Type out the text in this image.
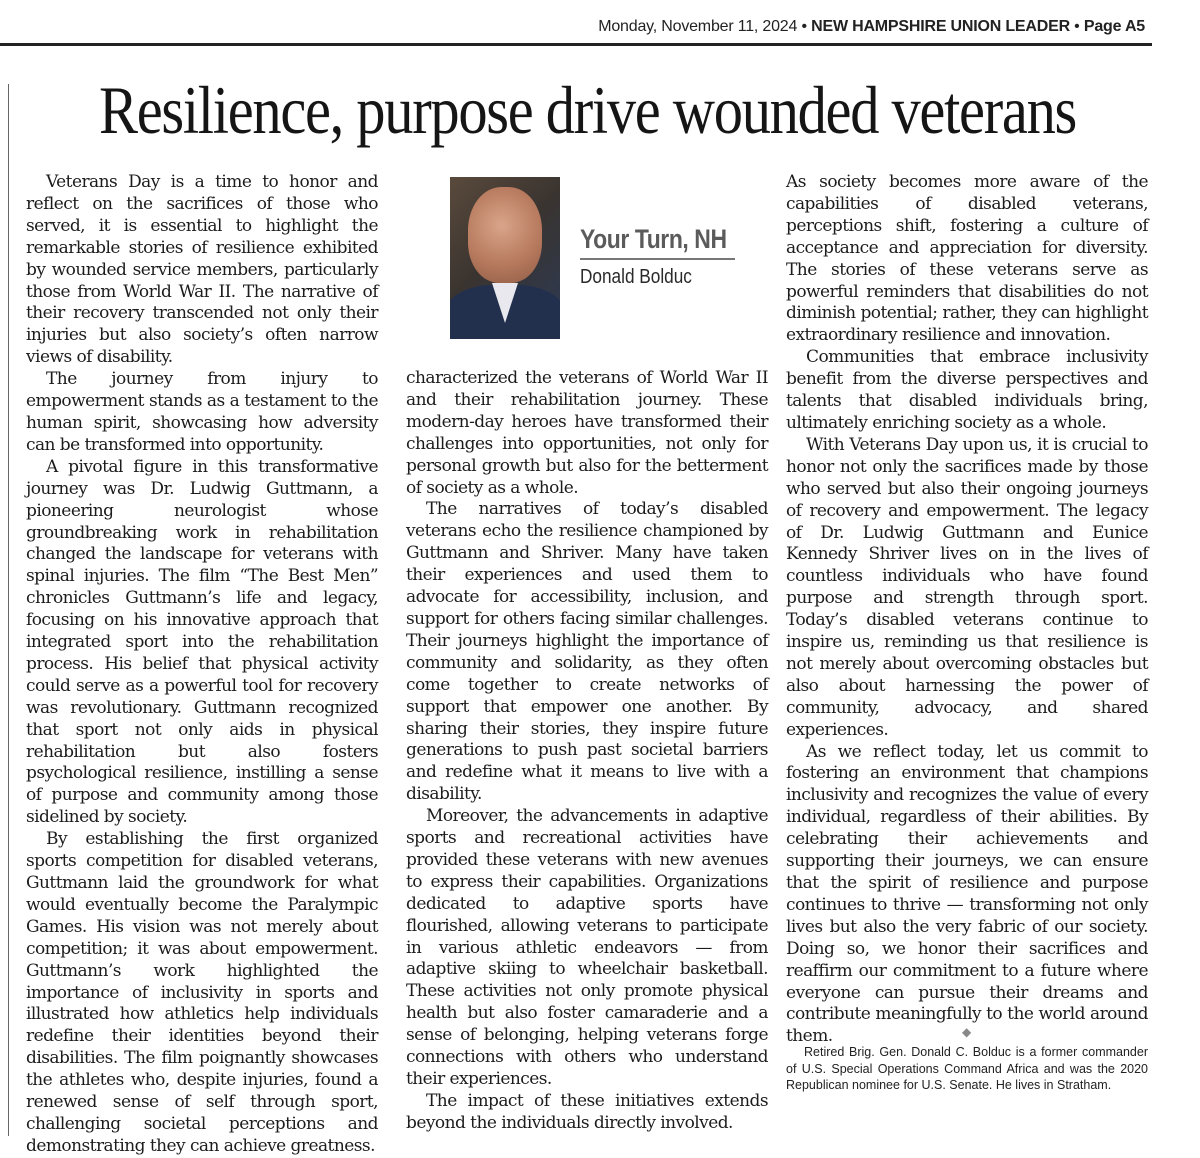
Monday, November 11, 2024 • NEW HAMPSHIRE UNION LEADER • Page A5
Resilience, purpose drive wounded veterans

Veterans Day is a time to honor and reflect on the sacrifices of those who served, it is essential to highlight the remarkable stories of resilience exhibited by wounded service members, particularly those from World War II. The narrative of their recovery transcended not only their injuries but also society’s often narrow views of disability.

The journey from injury to empowerment stands as a testament to the human spirit, showcasing how adversity can be transformed into opportunity.

A pivotal figure in this transformative journey was Dr. Ludwig Guttmann, a pioneering neurologist whose groundbreaking work in rehabilitation changed the landscape for veterans with spinal injuries. The film “The Best Men” chronicles Guttmann’s life and legacy, focusing on his innovative approach that integrated sport into the rehabilitation process. His belief that physical activity could serve as a powerful tool for recovery was revolutionary. Guttmann recognized that sport not only aids in physical rehabilitation but also fosters psychological resilience, instilling a sense of purpose and community among those sidelined by society.

By establishing the first organized sports competition for disabled veterans, Guttmann laid the groundwork for what would eventually become the Paralympic Games. His vision was not merely about competition; it was about empowerment. Guttmann’s work highlighted the importance of inclusivity in sports and illustrated how athletics help individuals redefine their identities beyond their disabilities. The film poignantly showcases the athletes who, despite injuries, found a renewed sense of self through sport, challenging societal perceptions and demonstrating they can achieve greatness.

Your Turn, NH
Donald Bolduc

characterized the veterans of World War II and their rehabilitation journey. These modern-day heroes have transformed their challenges into opportunities, not only for personal growth but also for the betterment of society as a whole.

The narratives of today’s disabled veterans echo the resilience championed by Guttmann and Shriver. Many have taken their experiences and used them to advocate for accessibility, inclusion, and support for others facing similar challenges. Their journeys highlight the importance of community and solidarity, as they often come together to create networks of support that empower one another. By sharing their stories, they inspire future generations to push past societal barriers and redefine what it means to live with a disability.

Moreover, the advancements in adaptive sports and recreational activities have provided these veterans with new avenues to express their capabilities. Organizations dedicated to adaptive sports have flourished, allowing veterans to participate in various athletic endeavors — from adaptive skiing to wheelchair basketball. These activities not only promote physical health but also foster camaraderie and a sense of belonging, helping veterans forge connections with others who understand their experiences.

The impact of these initiatives extends beyond the individuals directly involved.

As society becomes more aware of the capabilities of disabled veterans, perceptions shift, fostering a culture of acceptance and appreciation for diversity. The stories of these veterans serve as powerful reminders that disabilities do not diminish potential; rather, they can highlight extraordinary resilience and innovation.

Communities that embrace inclusivity benefit from the diverse perspectives and talents that disabled individuals bring, ultimately enriching society as a whole.

With Veterans Day upon us, it is crucial to honor not only the sacrifices made by those who served but also their ongoing journeys of recovery and empowerment. The legacy of Dr. Ludwig Guttmann and Eunice Kennedy Shriver lives on in the lives of countless individuals who have found purpose and strength through sport. Today’s disabled veterans continue to inspire us, reminding us that resilience is not merely about overcoming obstacles but also about harnessing the power of community, advocacy, and shared experiences.

As we reflect today, let us commit to fostering an environment that champions inclusivity and recognizes the value of every individual, regardless of their abilities. By celebrating their achievements and supporting their journeys, we can ensure that the spirit of resilience and purpose continues to thrive — transforming not only lives but also the very fabric of our society. Doing so, we honor their sacrifices and reaffirm our commitment to a future where everyone can pursue their dreams and contribute meaningfully to the world around them.	◆

Retired Brig. Gen. Donald C. Bolduc is a former commander of U.S. Special Operations Command Africa and was the 2020 Republican nominee for U.S. Senate. He lives in Stratham.
